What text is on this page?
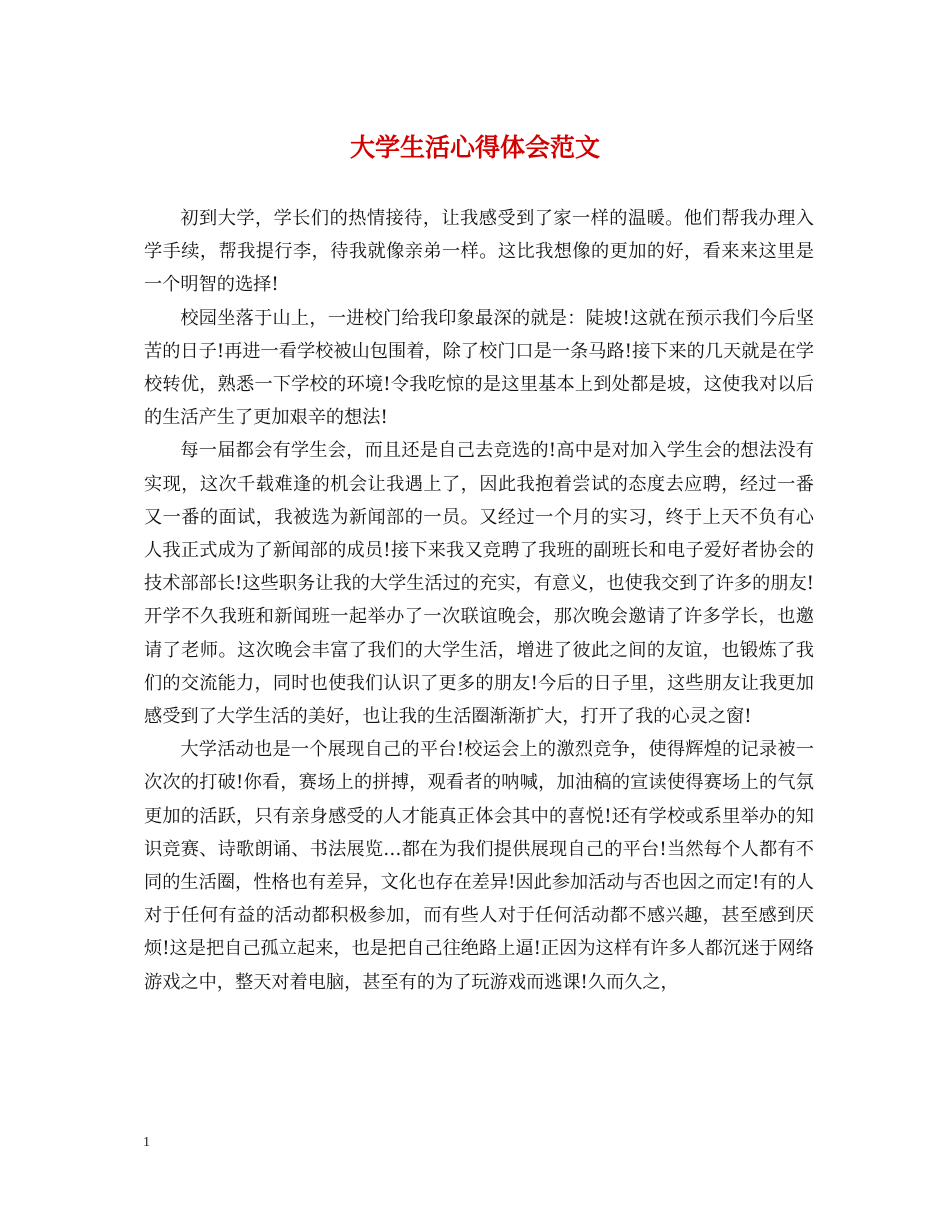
大学生活心得体会范文

初到大学，学长们的热情接待，让我感受到了家一样的温暖。他们帮我办理入学手续，帮我提行李，待我就像亲弟一样。这比我想像的更加的好，看来来这里是一个明智的选择!

校园坐落于山上，一进校门给我印象最深的就是：陡坡!这就在预示我们今后坚苦的日子!再进一看学校被山包围着，除了校门口是一条马路!接下来的几天就是在学校转优，熟悉一下学校的环境!令我吃惊的是这里基本上到处都是坡，这使我对以后的生活产生了更加艰辛的想法!

每一届都会有学生会，而且还是自己去竞选的!高中是对加入学生会的想法没有实现，这次千载难逢的机会让我遇上了，因此我抱着尝试的态度去应聘，经过一番又一番的面试，我被选为新闻部的一员。又经过一个月的实习，终于上天不负有心人我正式成为了新闻部的成员!接下来我又竞聘了我班的副班长和电子爱好者协会的技术部部长!这些职务让我的大学生活过的充实，有意义，也使我交到了许多的朋友!开学不久我班和新闻班一起举办了一次联谊晚会，那次晚会邀请了许多学长，也邀请了老师。这次晚会丰富了我们的大学生活，增进了彼此之间的友谊，也锻炼了我们的交流能力，同时也使我们认识了更多的朋友!今后的日子里，这些朋友让我更加感受到了大学生活的美好，也让我的生活圈渐渐扩大，打开了我的心灵之窗!

大学活动也是一个展现自己的平台!校运会上的激烈竞争，使得辉煌的记录被一次次的打破!你看，赛场上的拼搏，观看者的呐喊，加油稿的宣读使得赛场上的气氛更加的活跃，只有亲身感受的人才能真正体会其中的喜悦!还有学校或系里举办的知识竞赛、诗歌朗诵、书法展览…都在为我们提供展现自己的平台!当然每个人都有不同的生活圈，性格也有差异，文化也存在差异!因此参加活动与否也因之而定!有的人对于任何有益的活动都积极参加，而有些人对于任何活动都不感兴趣，甚至感到厌烦!这是把自己孤立起来，也是把自己往绝路上逼!正因为这样有许多人都沉迷于网络游戏之中，整天对着电脑，甚至有的为了玩游戏而逃课!久而久之，

1
